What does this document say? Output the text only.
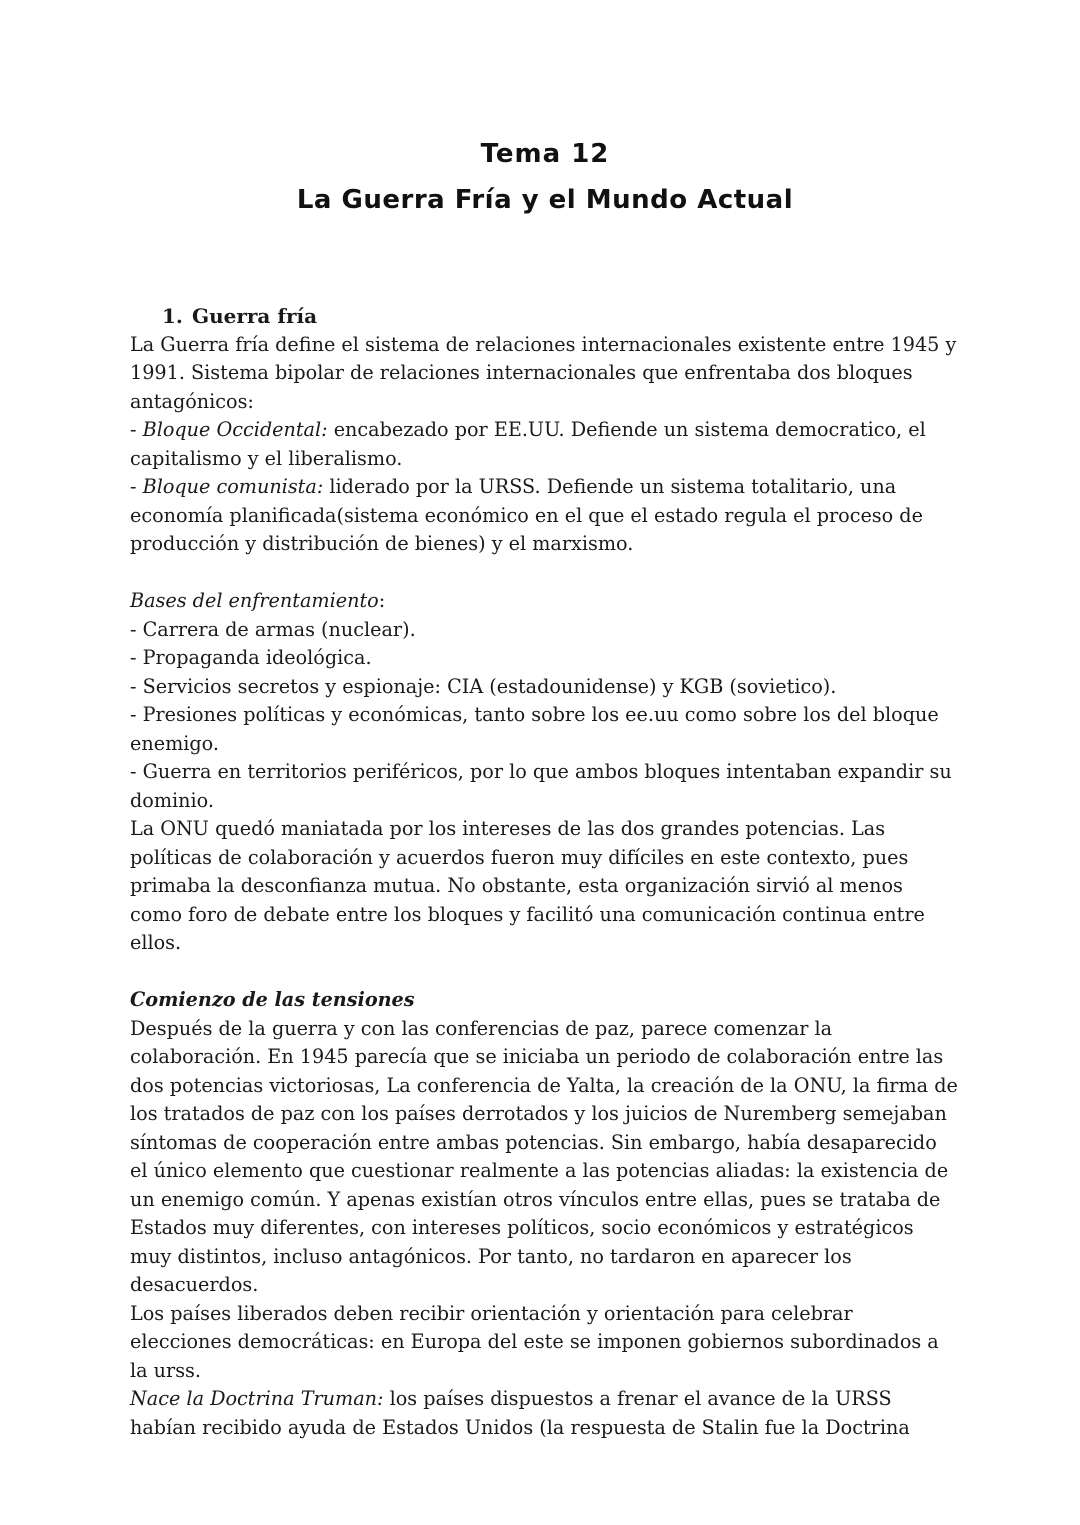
Tema 12
La Guerra Fría y el Mundo Actual
1. Guerra fría

La Guerra fría define el sistema de relaciones internacionales existente entre 1945 y 1991. Sistema bipolar de relaciones internacionales que enfrentaba dos bloques antagónicos:

- Bloque Occidental: encabezado por EE.UU. Defiende un sistema democratico, el capitalismo y el liberalismo.

- Bloque comunista: liderado por la URSS. Defiende un sistema totalitario, una economía planificada(sistema económico en el que el estado regula el proceso de producción y distribución de bienes) y el marxismo.

Bases del enfrentamiento:

- Carrera de armas (nuclear).

- Propaganda ideológica.

- Servicios secretos y espionaje: CIA (estadounidense) y KGB (sovietico).

- Presiones políticas y económicas, tanto sobre los ee.uu como sobre los del bloque enemigo.

- Guerra en territorios periféricos, por lo que ambos bloques intentaban expandir su dominio.

La ONU quedó maniatada por los intereses de las dos grandes potencias. Las políticas de colaboración y acuerdos fueron muy difíciles en este contexto, pues primaba la desconfianza mutua. No obstante, esta organización sirvió al menos como foro de debate entre los bloques y facilitó una comunicación continua entre ellos.

Comienzo de las tensiones

Después de la guerra y con las conferencias de paz, parece comenzar la colaboración. En 1945 parecía que se iniciaba un periodo de colaboración entre las dos potencias victoriosas, La conferencia de Yalta, la creación de la ONU, la firma de los tratados de paz con los países derrotados y los juicios de Nuremberg semejaban síntomas de cooperación entre ambas potencias. Sin embargo, había desaparecido el único elemento que cuestionar realmente a las potencias aliadas: la existencia de un enemigo común. Y apenas existían otros vínculos entre ellas, pues se trataba de Estados muy diferentes, con intereses políticos, socio económicos y estratégicos muy distintos, incluso antagónicos. Por tanto, no tardaron en aparecer los desacuerdos.

Los países liberados deben recibir orientación y orientación para celebrar elecciones democráticas: en Europa del este se imponen gobiernos subordinados a la urss.

Nace la Doctrina Truman: los países dispuestos a frenar el avance de la URSS habían recibido ayuda de Estados Unidos (la respuesta de Stalin fue la Doctrina
